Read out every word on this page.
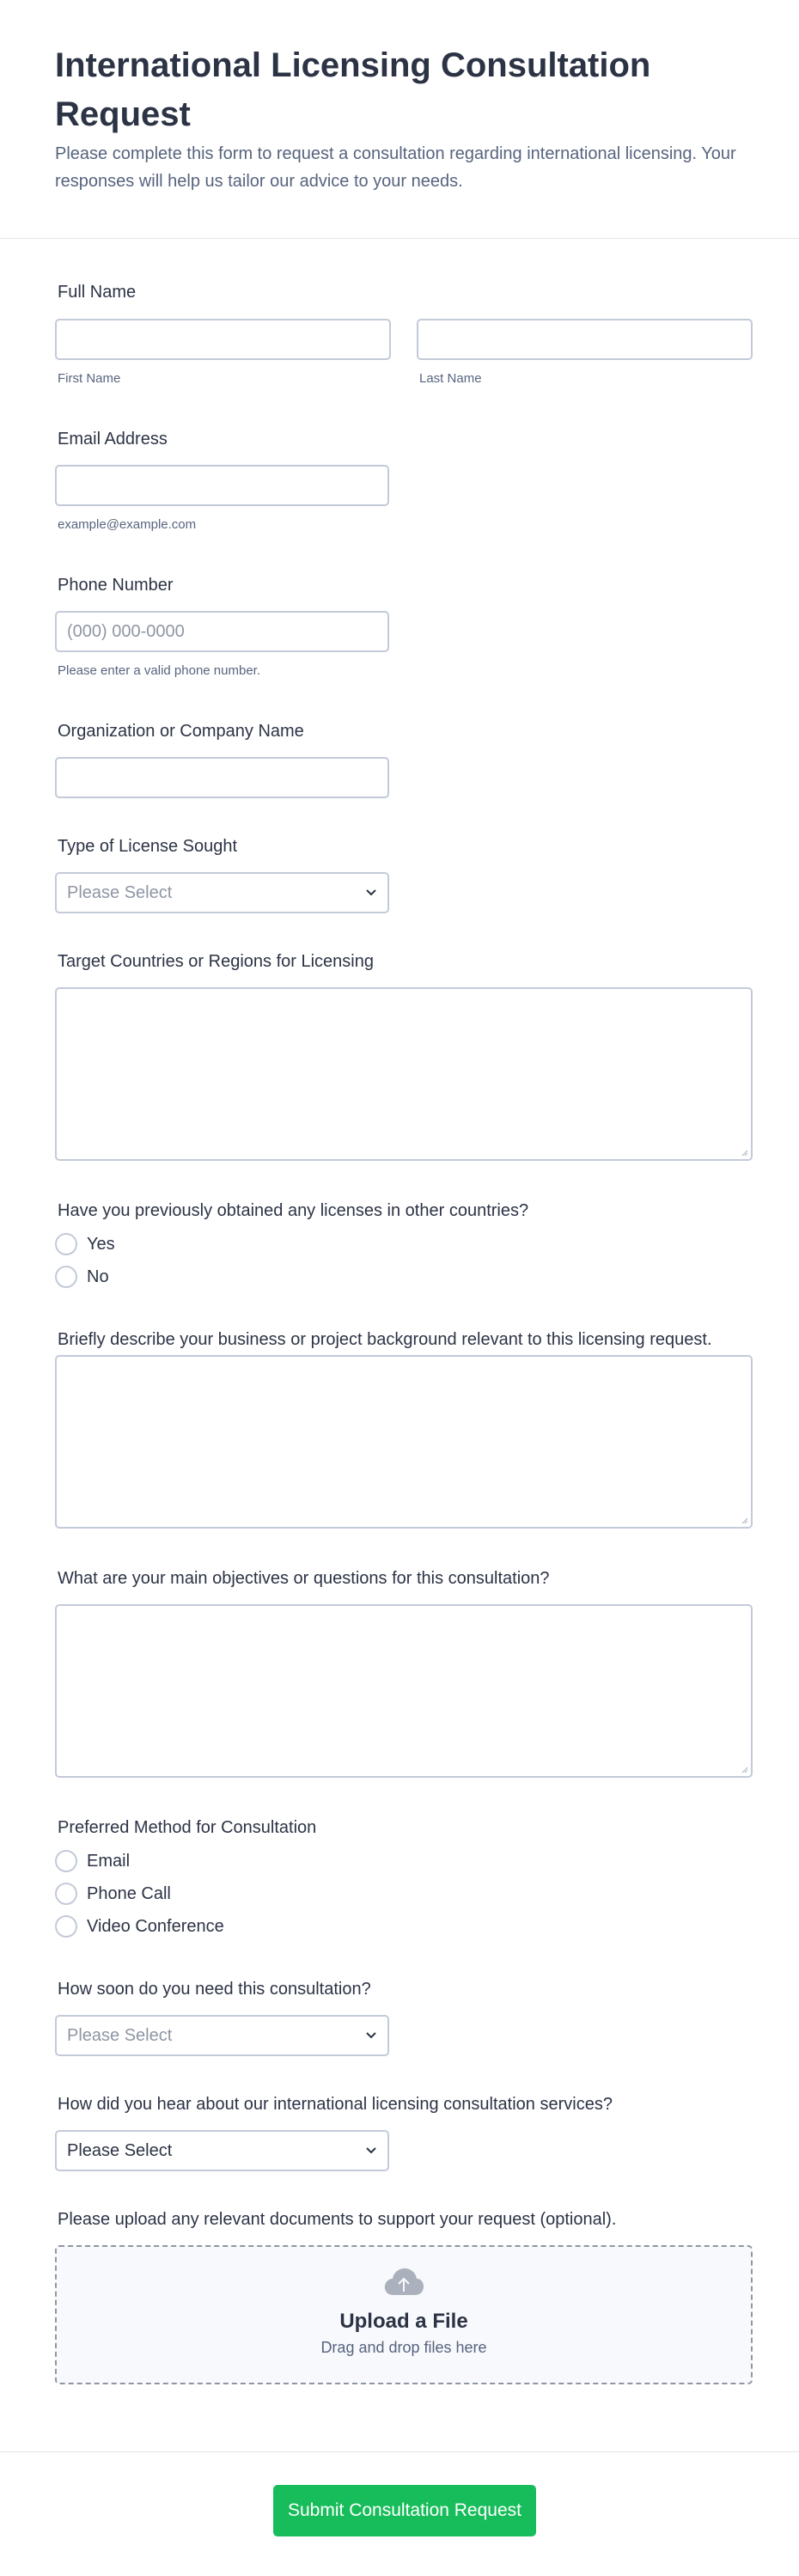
International Licensing Consultation Request

Please complete this form to request a consultation regarding international licensing. Your responses will help us tailor our advice to your needs.

Full Name
First Name	Last Name
Email Address
example@example.com
Phone Number
(000) 000-0000
Please enter a valid phone number.
Organization or Company Name
Type of License Sought
Please Select
Target Countries or Regions for Licensing
Have you previously obtained any licenses in other countries?
Yes
No
Briefly describe your business or project background relevant to this licensing request.
What are your main objectives or questions for this consultation?
Preferred Method for Consultation
Email
Phone Call
Video Conference
How soon do you need this consultation?
Please Select
How did you hear about our international licensing consultation services?
Please Select
Please upload any relevant documents to support your request (optional).
Upload a File
Drag and drop files here
Submit Consultation Request
